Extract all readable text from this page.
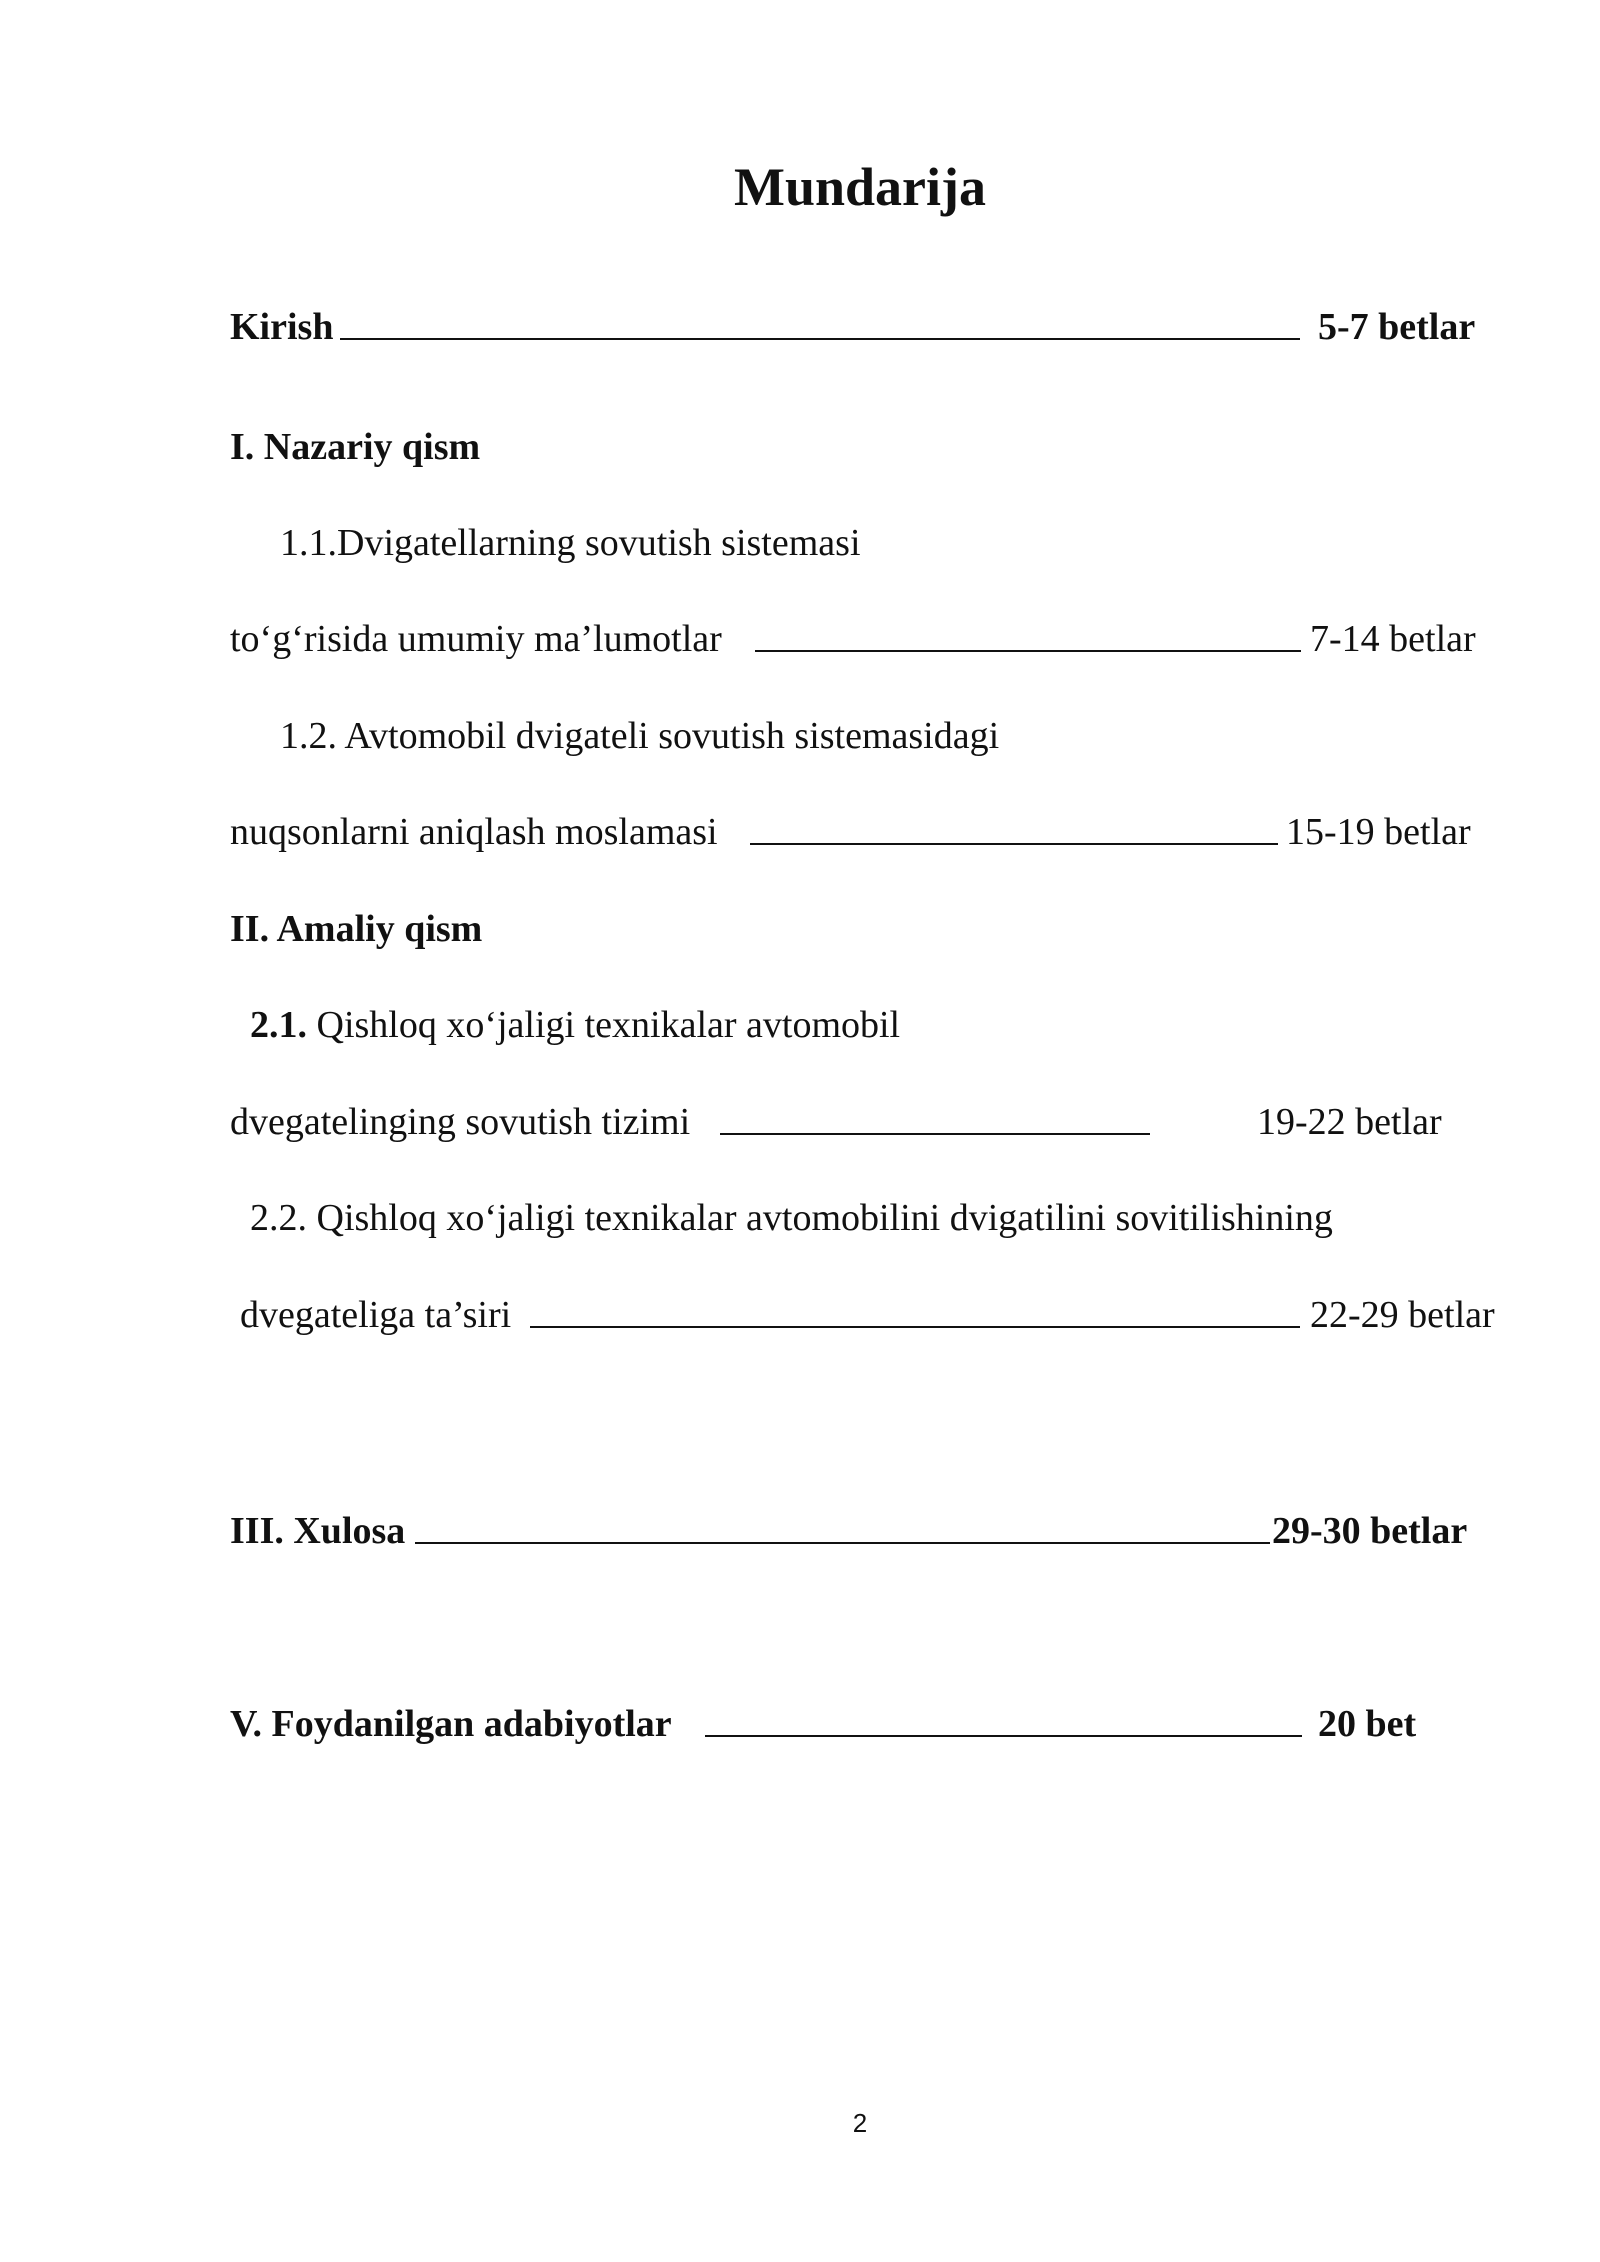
Mundarija
Kirish	5-7 betlar
I. Nazariy qism
1.1.Dvigatellarning sovutish sistemasi
to‘g‘risida umumiy ma’lumotlar	7-14 betlar
1.2. Avtomobil dvigateli sovutish sistemasidagi
nuqsonlarni aniqlash moslamasi	15-19 betlar
II. Amaliy qism
2.1. Qishloq xo‘jaligi texnikalar avtomobil
dvegatelinging sovutish tizimi	19-22 betlar
2.2. Qishloq xo‘jaligi texnikalar avtomobilini dvigatilini sovitilishining
dvegateliga ta’siri	22-29 betlar
III. Xulosa	29-30 betlar
V. Foydanilgan adabiyotlar	20 bet
2
